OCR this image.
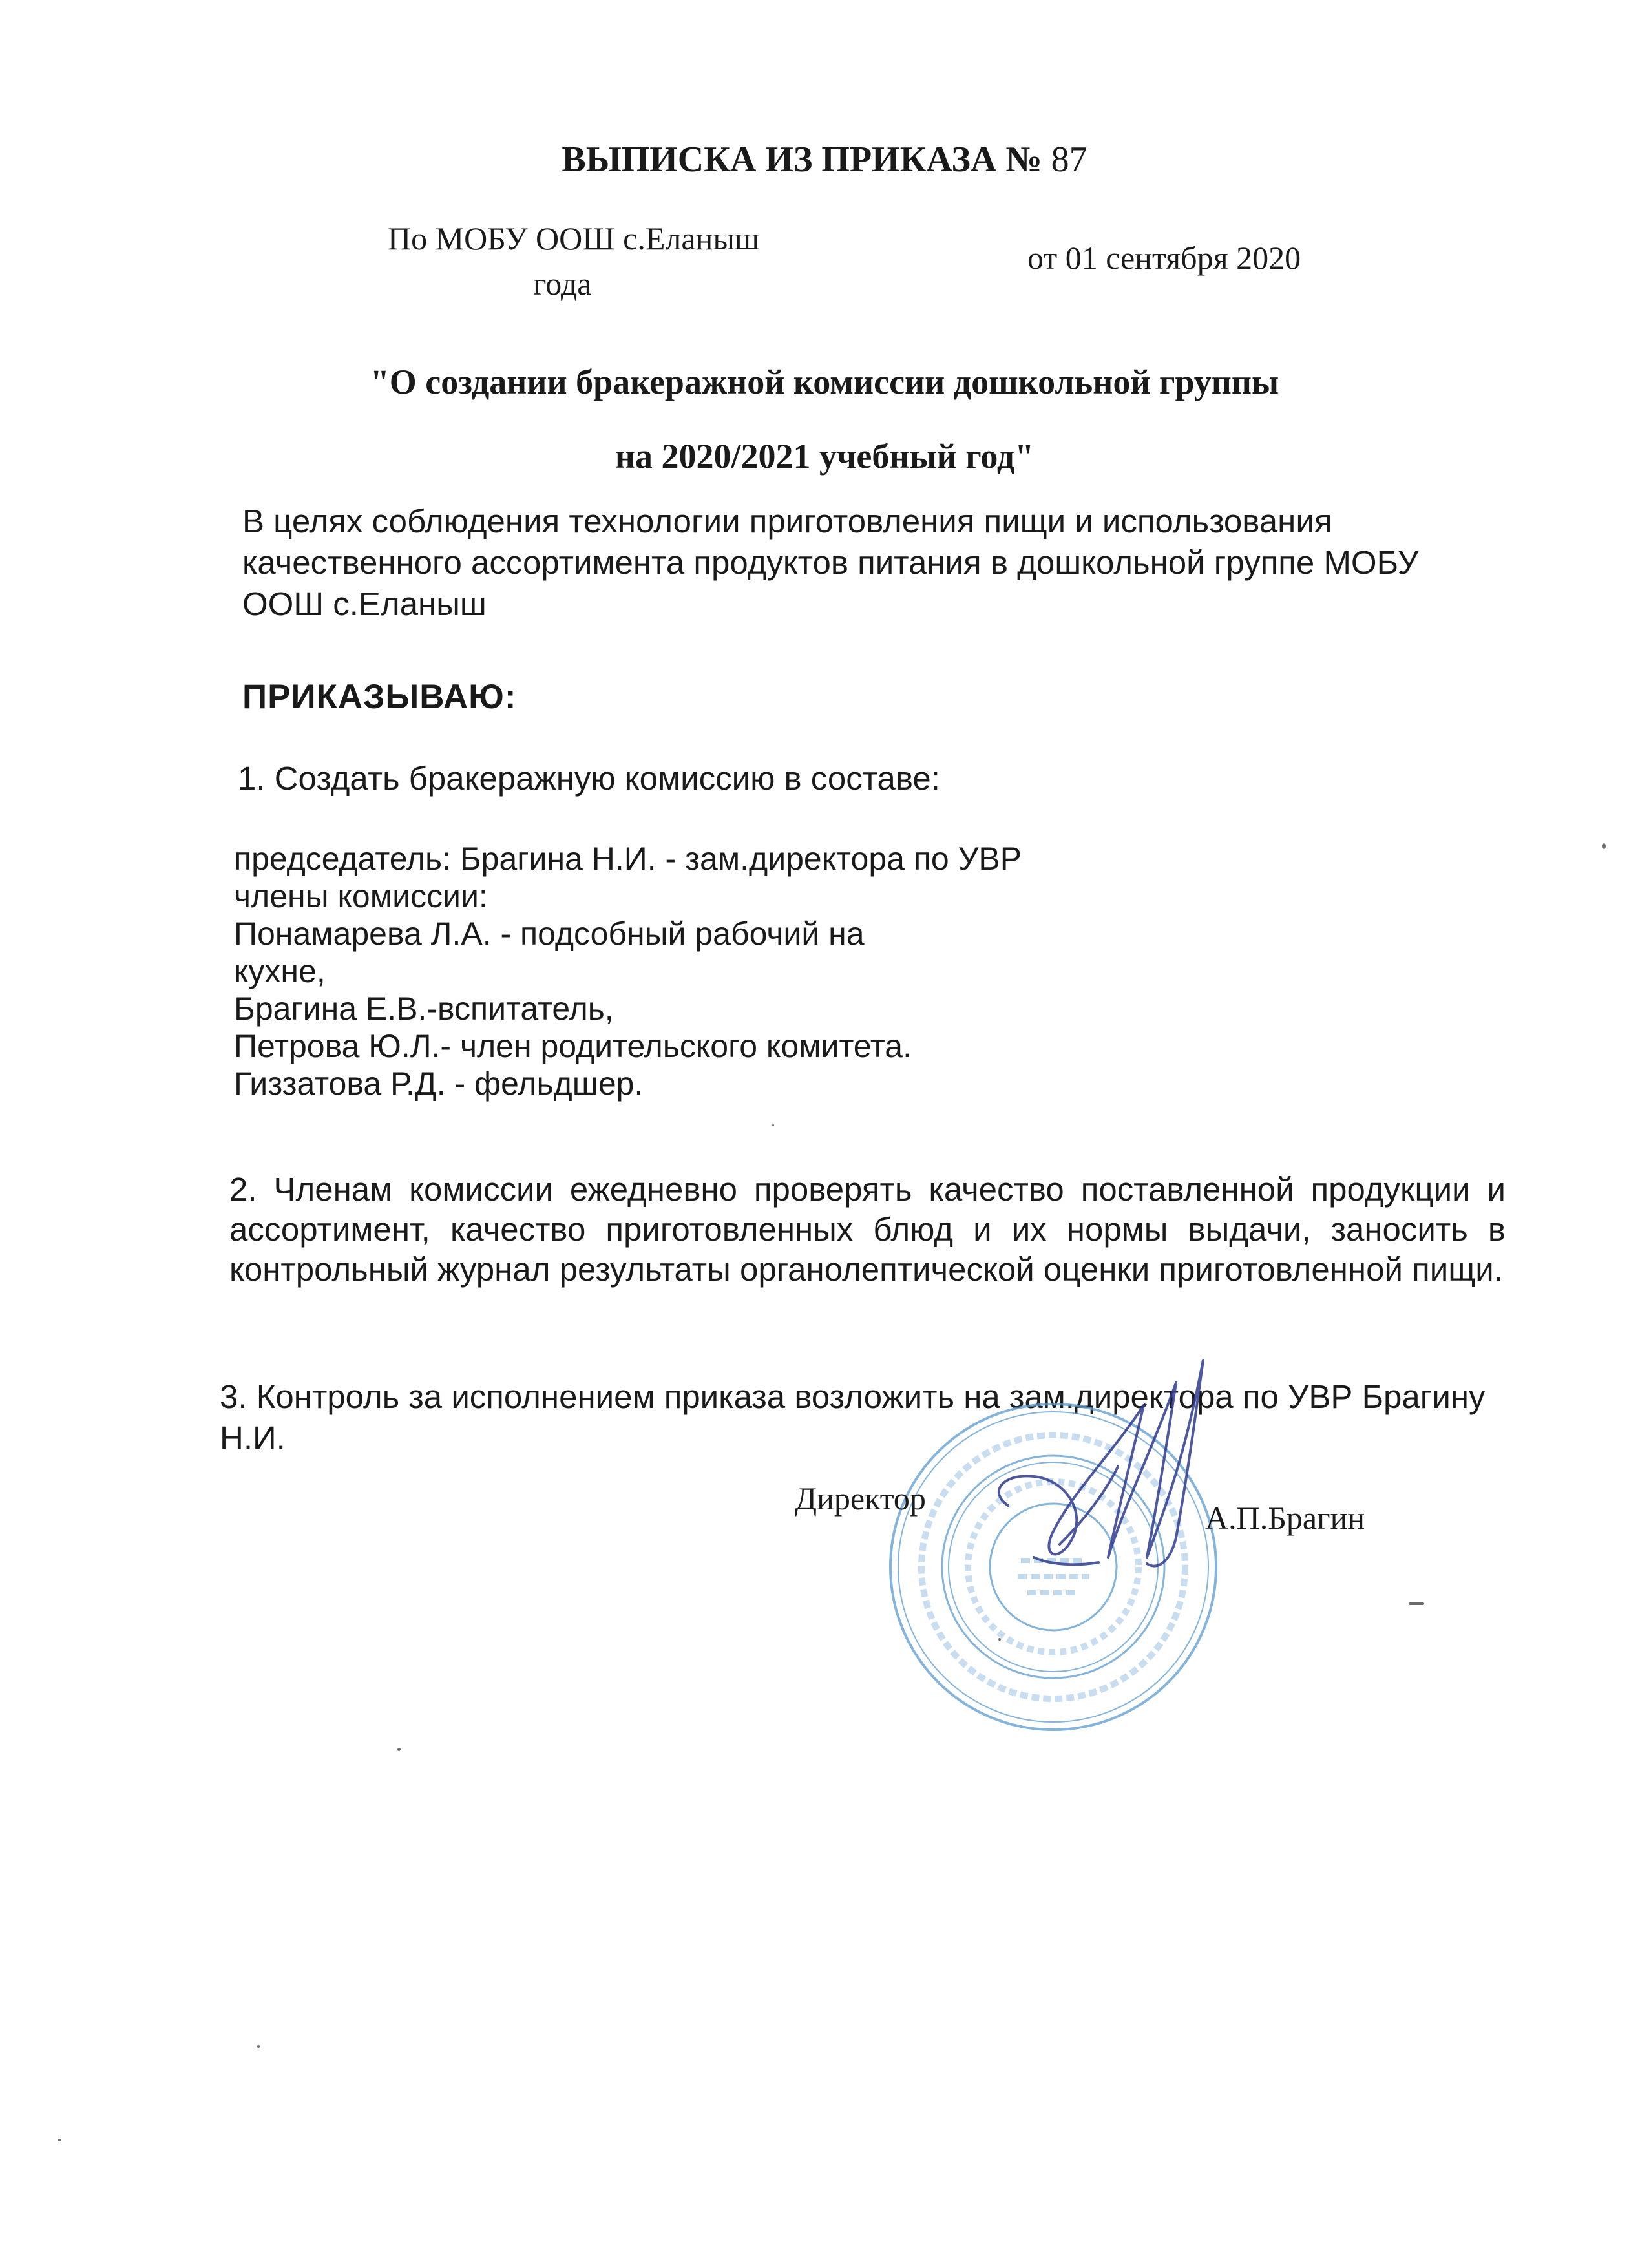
ВЫПИСКА ИЗ ПРИКАЗА № 87
По МОБУ ООШ с.Еланыш
от 01 сентября 2020
года
"О создании бракеражной комиссии дошкольной группы
на 2020/2021 учебный год"

В целях соблюдения технологии приготовления пищи и использования качественного ассортимента продуктов питания в дошкольной группе МОБУ ООШ с.Еланыш

ПРИКАЗЫВАЮ:
1. Создать бракеражную комиссию в составе:
председатель: Брагина Н.И. - зам.директора по УВР
члены комиссии:
Понамарева Л.А. - подсобный рабочий на
кухне,
Брагина Е.В.-вспитатель,
Петрова Ю.Л.- член родительского комитета.
Гиззатова Р.Д. - фельдшер.

2. Членам комиссии ежедневно проверять качество поставленной продукции и ассортимент, качество приготовленных блюд и их нормы выдачи, заносить в контрольный журнал результаты органолептической оценки приготовленной пищи.

3. Контроль за исполнением приказа возложить на зам.директора по УВР Брагину Н.И.

Директор
А.П.Брагин
